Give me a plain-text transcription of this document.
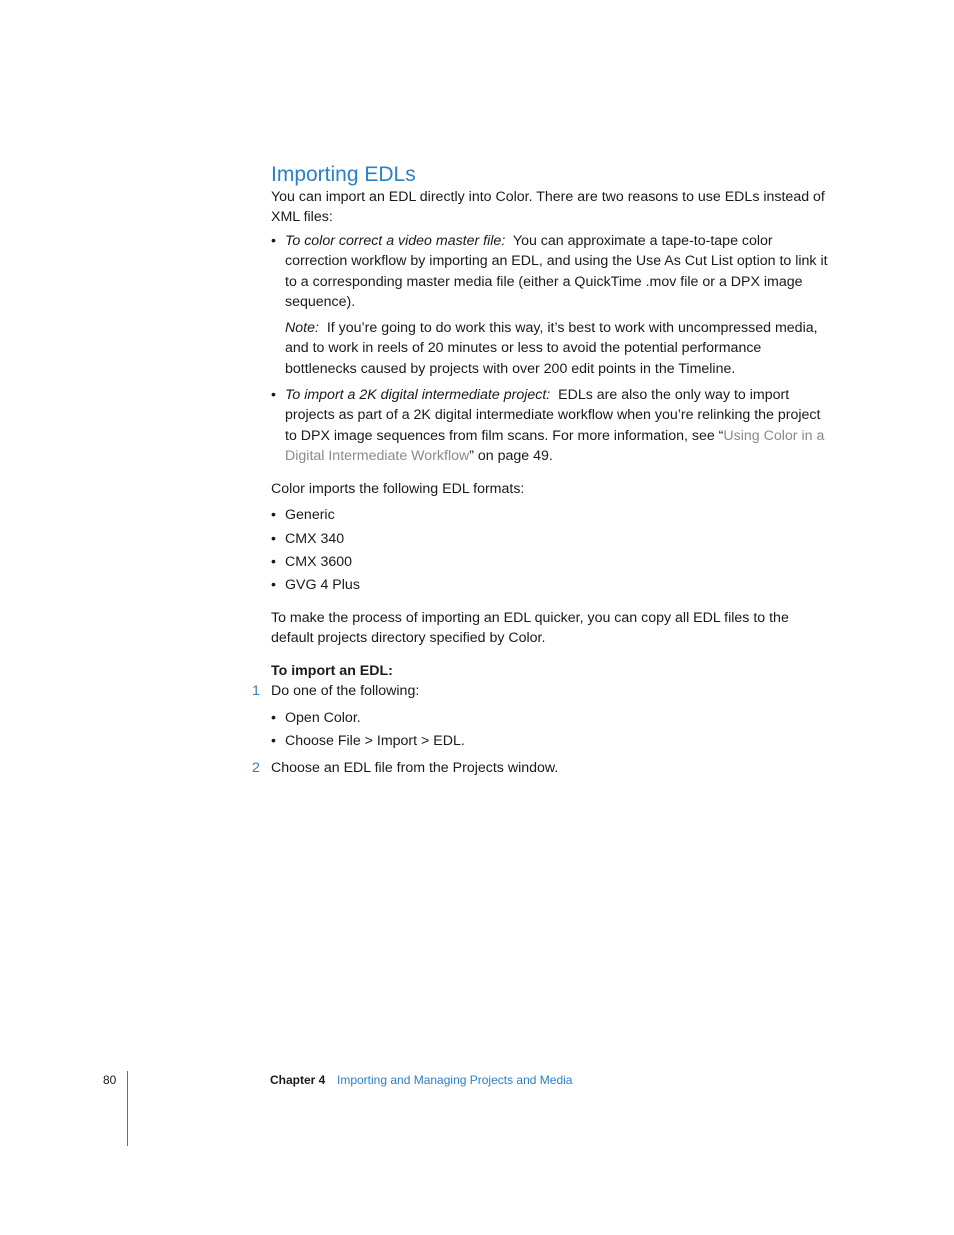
Importing EDLs

You can import an EDL directly into Color. There are two reasons to use EDLs instead of XML files:

• To color correct a video master file: You can approximate a tape-to-tape color correction workflow by importing an EDL, and using the Use As Cut List option to link it to a corresponding master media file (either a QuickTime .mov file or a DPX image sequence).
Note: If you’re going to do work this way, it’s best to work with uncompressed media, and to work in reels of 20 minutes or less to avoid the potential performance bottlenecks caused by projects with over 200 edit points in the Timeline.
• To import a 2K digital intermediate project: EDLs are also the only way to import projects as part of a 2K digital intermediate workflow when you’re relinking the project to DPX image sequences from film scans. For more information, see “Using Color in a Digital Intermediate Workflow” on page 49.

Color imports the following EDL formats:

• Generic
• CMX 340
• CMX 3600
• GVG 4 Plus

To make the process of importing an EDL quicker, you can copy all EDL files to the default projects directory specified by Color.

To import an EDL:
1 Do one of the following:
• Open Color.
• Choose File > Import > EDL.
2 Choose an EDL file from the Projects window.
80	Chapter 4 Importing and Managing Projects and Media
